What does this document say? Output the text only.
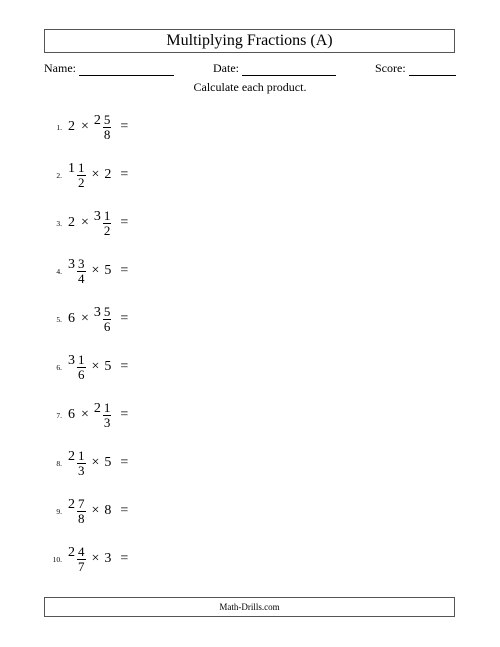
Multiplying Fractions (A)
Name:	Date:	Score:
Calculate each product.
1. $2 \times 2 \frac{5}{8}$ =
2. $1 \frac{1}{2} \times 2$ =
3. $2 \times 3 \frac{1}{2}$ =
4. $3 \frac{3}{4} \times 5$ =
5. $6 \times 3 \frac{5}{6}$ =
6. $3 \frac{1}{6} \times 5$ =
7. $6 \times 2 \frac{1}{3}$ =
8. $2 \frac{1}{3} \times 5$ =
9. $2 \frac{7}{8} \times 8$ =
10. $2 \frac{4}{7} \times 3$ =
Math-Drills.com
